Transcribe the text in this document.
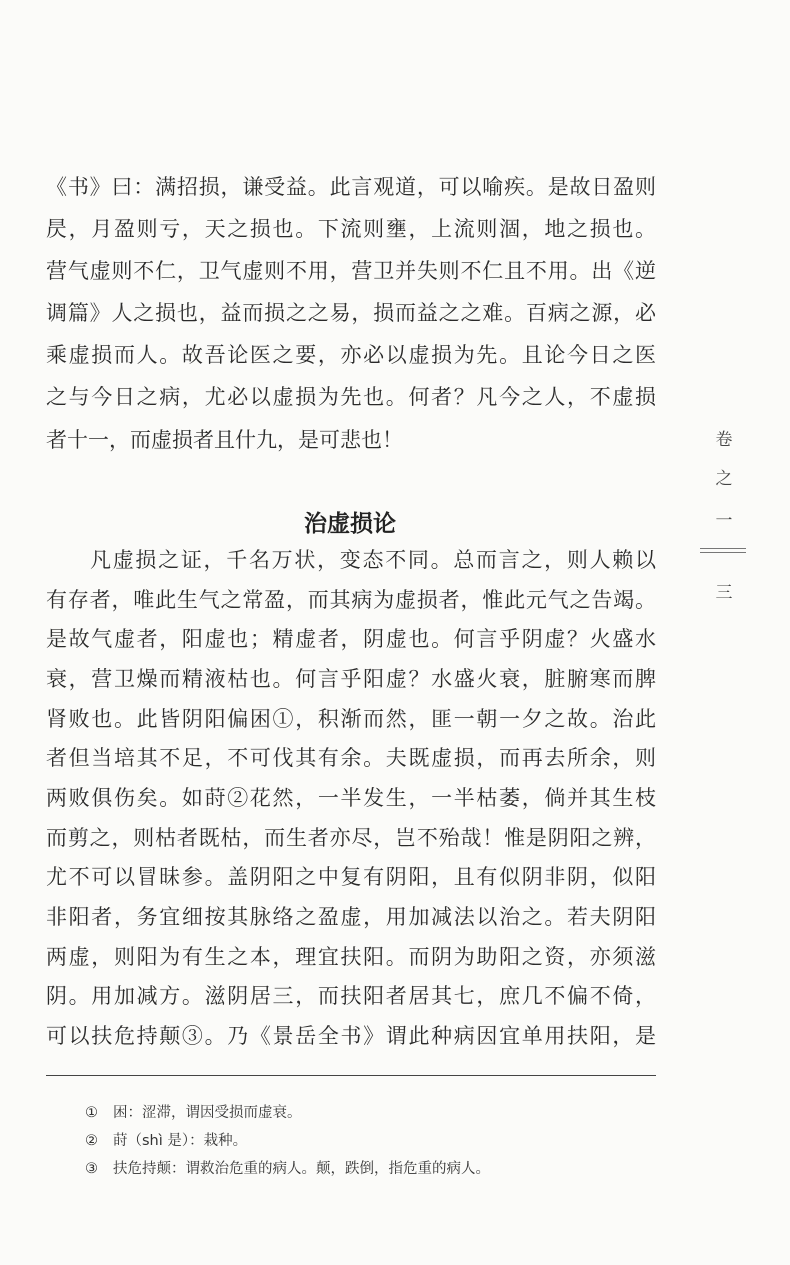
《书》曰：满招损，谦受益。此言观道，可以喻疾。是故日盈则
昃，月盈则亏，天之损也。下流则壅，上流则涸，地之损也。
营气虚则不仁，卫气虚则不用，营卫并失则不仁且不用。出《逆
调篇》人之损也，益而损之之易，损而益之之难。百病之源，必
乘虚损而人。故吾论医之要，亦必以虚损为先。且论今日之医
之与今日之病，尤必以虚损为先也。何者？凡今之人，不虚损
者十一，而虚损者且什九，是可悲也！
治虚损论
凡虚损之证，千名万状，变态不同。总而言之，则人赖以
有存者，唯此生气之常盈，而其病为虚损者，惟此元气之告竭。
是故气虚者，阳虚也；精虚者，阴虚也。何言乎阴虚？火盛水
衰，营卫燥而精液枯也。何言乎阳虚？水盛火衰，脏腑寒而脾
肾败也。此皆阴阳偏困①，积渐而然，匪一朝一夕之故。治此
者但当培其不足，不可伐其有余。夫既虚损，而再去所余，则
两败俱伤矣。如莳②花然，一半发生，一半枯萎，倘并其生枝
而剪之，则枯者既枯，而生者亦尽，岂不殆哉！惟是阴阳之辨，
尤不可以冒昧参。盖阴阳之中复有阴阳，且有似阴非阴，似阳
非阳者，务宜细按其脉络之盈虚，用加减法以治之。若夫阴阳
两虚，则阳为有生之本，理宜扶阳。而阴为助阳之资，亦须滋
阴。用加减方。滋阴居三，而扶阳者居其七，庶几不偏不倚，
可以扶危持颠③。乃《景岳全书》谓此种病因宜单用扶阳，是
① 困：涩滞，谓因受损而虚衰。
② 莳（shì 是）：栽种。
③ 扶危持颠：谓救治危重的病人。颠，跌倒，指危重的病人。
卷
之
一
三
